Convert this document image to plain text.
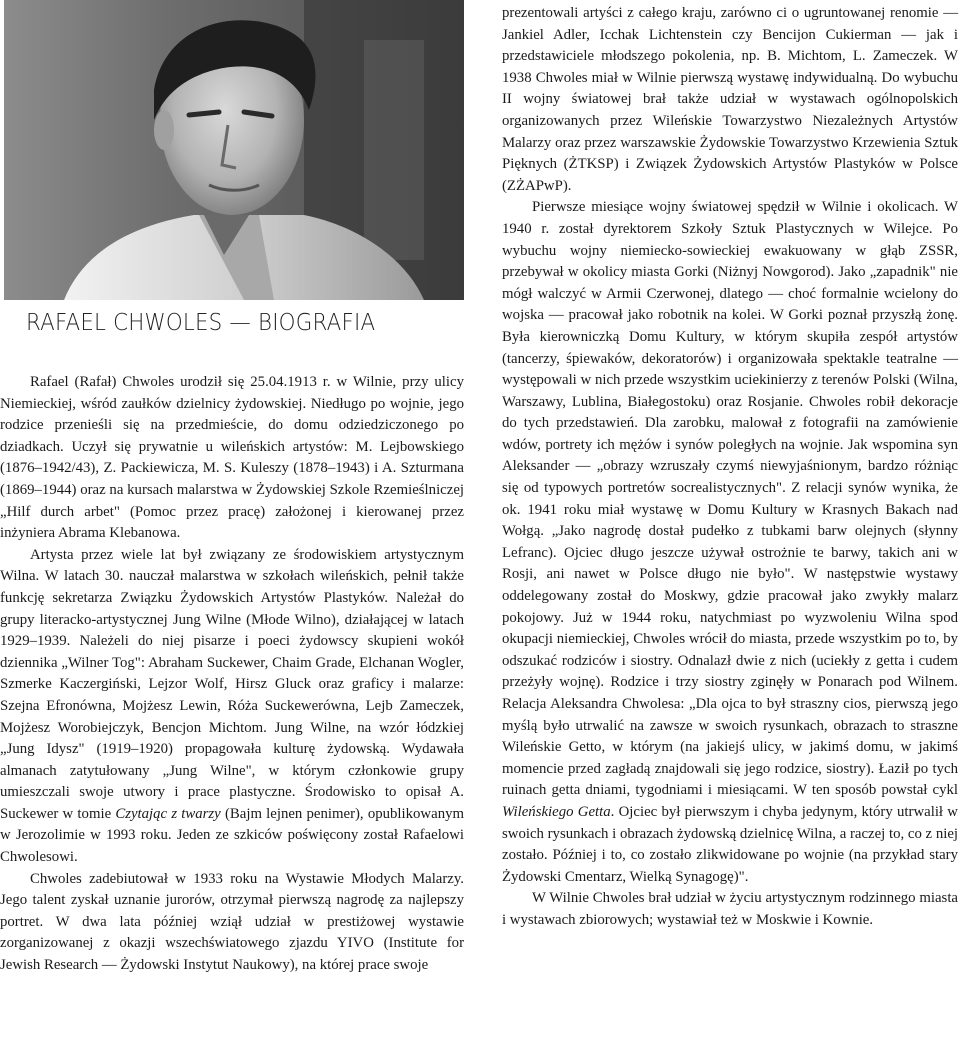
RAFAEL CHWOLES — BIOGRAFIA

Rafael (Rafał) Chwoles urodził się 25.04.1913 r. w Wilnie, przy ulicy Niemieckiej, wśród zaułków dzielnicy żydowskiej. Niedługo po wojnie, jego rodzice przenieśli się na przedmieście, do domu odziedziczonego po dziadkach. Uczył się prywatnie u wileńskich artystów: M. Lejbowskiego (1876–1942/43), Z. Packiewicza, M. S. Kuleszy (1878–1943) i A. Szturmana (1869–1944) oraz na kursach malarstwa w Żydowskiej Szkole Rzemieślniczej „Hilf durch arbet" (Pomoc przez pracę) założonej i kierowanej przez inżyniera Abrama Klebanowa.

Artysta przez wiele lat był związany ze środowiskiem artystycznym Wilna. W latach 30. nauczał malarstwa w szkołach wileńskich, pełnił także funkcję sekretarza Związku Żydowskich Artystów Plastyków. Należał do grupy literacko-artystycznej Jung Wilne (Młode Wilno), działającej w latach 1929–1939. Należeli do niej pisarze i poeci żydowscy skupieni wokół dziennika „Wilner Tog": Abraham Suckewer, Chaim Grade, Elchanan Wogler, Szmerke Kaczergiński, Lejzor Wolf, Hirsz Gluck oraz graficy i malarze: Szejna Efronówna, Mojżesz Lewin, Róża Suckewerówna, Lejb Zameczek, Mojżesz Worobiejczyk, Bencjon Michtom. Jung Wilne, na wzór łódzkiej „Jung Idysz" (1919–1920) propagowała kulturę żydowską. Wydawała almanach zatytułowany „Jung Wilne", w którym członkowie grupy umieszczali swoje utwory i prace plastyczne. Środowisko to opisał A. Suckewer w tomie Czytając z twarzy (Bajm lejnen penimer), opublikowanym w Jerozolimie w 1993 roku. Jeden ze szkiców poświęcony został Rafaelowi Chwolesowi.

Chwoles zadebiutował w 1933 roku na Wystawie Młodych Malarzy. Jego talent zyskał uznanie jurorów, otrzymał pierwszą nagrodę za najlepszy portret. W dwa lata później wziął udział w prestiżowej wystawie zorganizowanej z okazji wszechświatowego zjazdu YIVO (Institute for Jewish Research — Żydowski Instytut Naukowy), na której prace swoje

prezentowali artyści z całego kraju, zarówno ci o ugruntowanej renomie — Jankiel Adler, Icchak Lichtenstein czy Bencijon Cukierman — jak i przedstawiciele młodszego pokolenia, np. B. Michtom, L. Zameczek. W 1938 Chwoles miał w Wilnie pierwszą wystawę indywidualną. Do wybuchu II wojny światowej brał także udział w wystawach ogólnopolskich organizowanych przez Wileńskie Towarzystwo Niezależnych Artystów Malarzy oraz przez warszawskie Żydowskie Towarzystwo Krzewienia Sztuk Pięknych (ŻTKSP) i Związek Żydowskich Artystów Plastyków w Polsce (ZŻAPwP).

Pierwsze miesiące wojny światowej spędził w Wilnie i okolicach. W 1940 r. został dyrektorem Szkoły Sztuk Plastycznych w Wilejce. Po wybuchu wojny niemiecko-sowieckiej ewakuowany w głąb ZSSR, przebywał w okolicy miasta Gorki (Niżnyj Nowgorod). Jako „zapadnik" nie mógł walczyć w Armii Czerwonej, dlatego — choć formalnie wcielony do wojska — pracował jako robotnik na kolei. W Gorki poznał przyszłą żonę. Była kierowniczką Domu Kultury, w którym skupiła zespół artystów (tancerzy, śpiewaków, dekoratorów) i organizowała spektakle teatralne — występowali w nich przede wszystkim uciekinierzy z terenów Polski (Wilna, Warszawy, Lublina, Białegostoku) oraz Rosjanie. Chwoles robił dekoracje do tych przedstawień. Dla zarobku, malował z fotografii na zamówienie wdów, portrety ich mężów i synów poległych na wojnie. Jak wspomina syn Aleksander — „obrazy wzruszały czymś niewyjaśnionym, bardzo różniąc się od typowych portretów socrealistycznych". Z relacji synów wynika, że ok. 1941 roku miał wystawę w Domu Kultury w Krasnych Bakach nad Wołgą. „Jako nagrodę dostał pudełko z tubkami barw olejnych (słynny Lefranc). Ojciec długo jeszcze używał ostrożnie te barwy, takich ani w Rosji, ani nawet w Polsce długo nie było". W następstwie wystawy oddelegowany został do Moskwy, gdzie pracował jako zwykły malarz pokojowy. Już w 1944 roku, natychmiast po wyzwoleniu Wilna spod okupacji niemieckiej, Chwoles wrócił do miasta, przede wszystkim po to, by odszukać rodziców i siostry. Odnalazł dwie z nich (uciekły z getta i cudem przeżyły wojnę). Rodzice i trzy siostry zginęły w Ponarach pod Wilnem. Relacja Aleksandra Chwolesa: „Dla ojca to był straszny cios, pierwszą jego myślą było utrwalić na zawsze w swoich rysunkach, obrazach to straszne Wileńskie Getto, w którym (na jakiejś ulicy, w jakimś domu, w jakimś momencie przed zagładą znajdowali się jego rodzice, siostry). Łaził po tych ruinach getta dniami, tygodniami i miesiącami. W ten sposób powstał cykl Wileńskiego Getta. Ojciec był pierwszym i chyba jedynym, który utrwalił w swoich rysunkach i obrazach żydowską dzielnicę Wilna, a raczej to, co z niej zostało. Później i to, co zostało zlikwidowane po wojnie (na przykład stary Żydowski Cmentarz, Wielką Synagogę)".

W Wilnie Chwoles brał udział w życiu artystycznym rodzinnego miasta i wystawach zbiorowych; wystawiał też w Moskwie i Kownie.
